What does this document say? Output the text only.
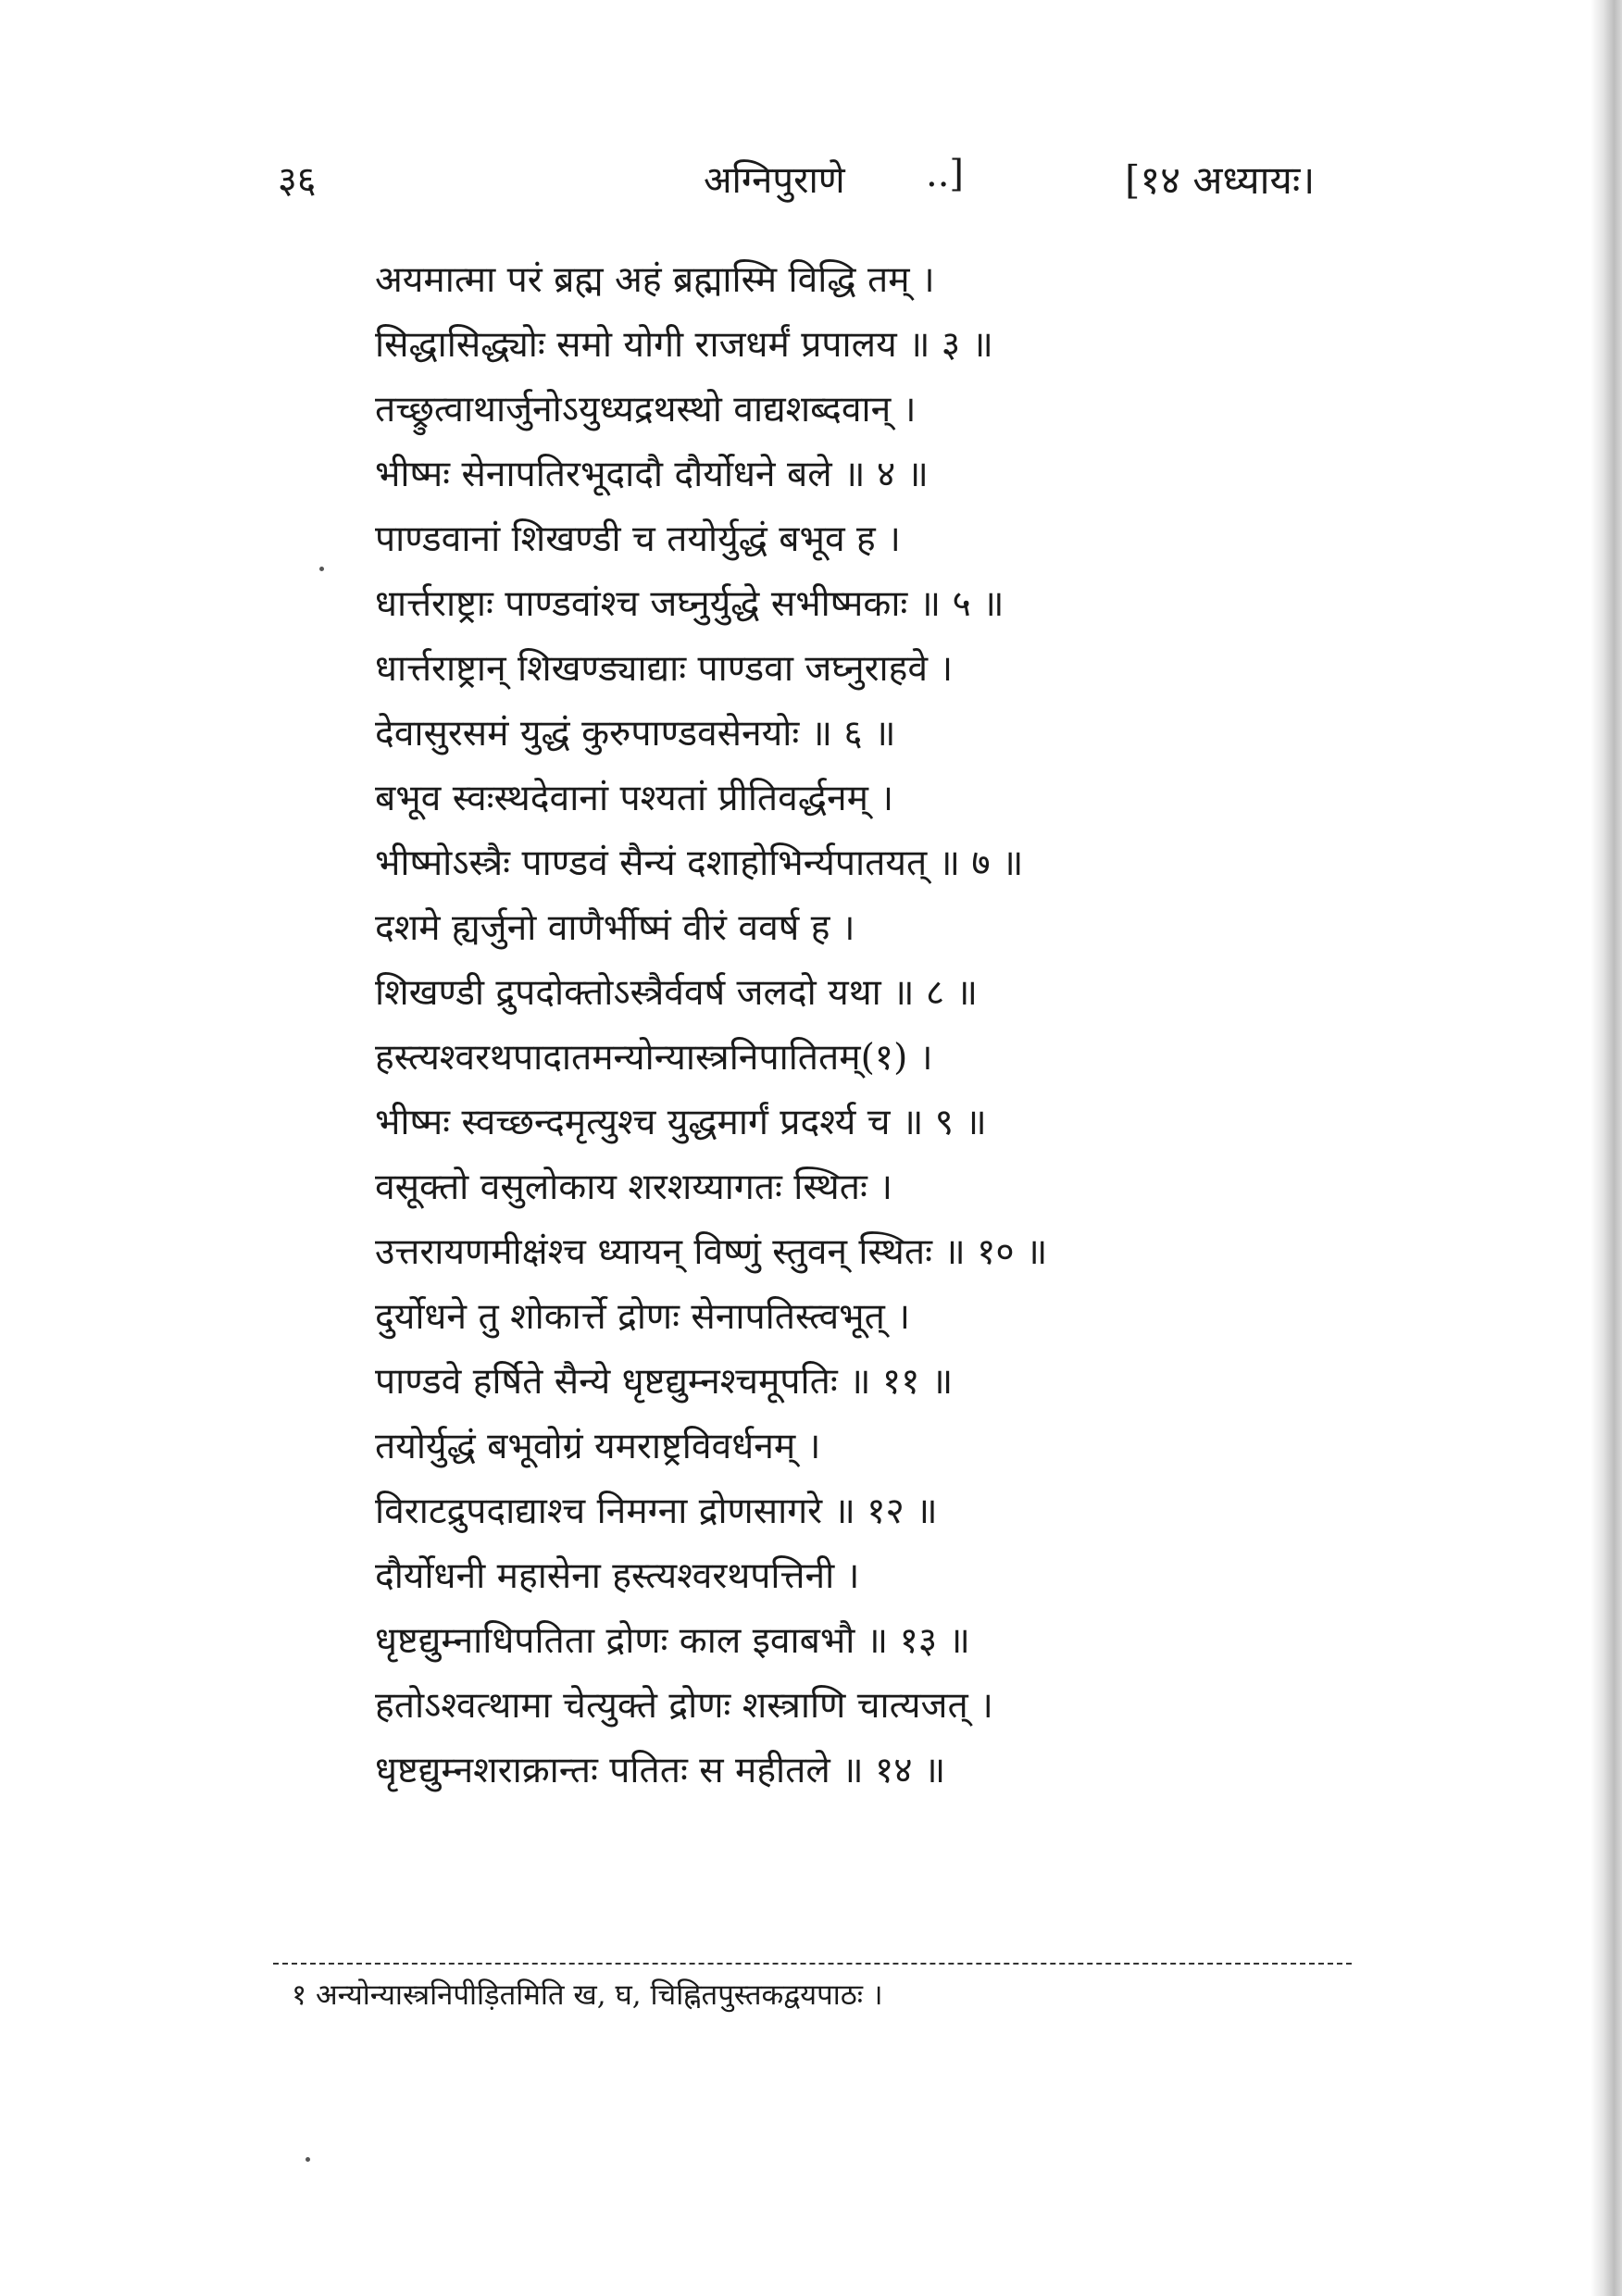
३६	अग्निपुराणे ..]	[१४ अध्यायः।
अयमात्मा परं ब्रह्म अहं ब्रह्मास्मि विद्धि तम् ।
सिद्धासिद्ध्योः समो योगी राजधर्मं प्रपालय ॥ ३ ॥
तच्छ्रुत्वाथार्जुनोऽयुध्यद्रथस्थो वाद्यशब्दवान् ।
भीष्मः सेनापतिरभूदादौ दौर्योधने बले ॥ ४ ॥
पाण्डवानां शिखण्डी च तयोर्युद्धं बभूव ह ।
धार्त्तराष्ट्राः पाण्डवांश्च जघ्नुर्युद्धे सभीष्मकाः ॥ ५ ॥
धार्त्तराष्ट्रान् शिखण्ड्याद्याः पाण्डवा जघ्नुराहवे ।
देवासुरसमं युद्धं कुरुपाण्डवसेनयोः ॥ ६ ॥
बभूव स्वःस्थदेवानां पश्यतां प्रीतिवर्द्धनम् ।
भीष्मोऽस्त्रैः पाण्डवं सैन्यं दशाहोभिर्न्यपातयत् ॥ ७ ॥
दशमे ह्यर्जुनो वाणैर्भीष्मं वीरं ववर्ष ह ।
शिखण्डी द्रुपदोक्तोऽस्त्रैर्ववर्ष जलदो यथा ॥ ८ ॥
हस्त्यश्वरथपादातमन्योन्यास्त्रनिपातितम्(१) ।
भीष्मः स्वच्छन्दमृत्युश्च युद्धमार्गं प्रदर्श्य च ॥ ९ ॥
वसूक्तो वसुलोकाय शरशय्यागतः स्थितः ।
उत्तरायणमीक्षंश्च ध्यायन् विष्णुं स्तुवन् स्थितः ॥ १० ॥
दुर्योधने तु शोकार्त्ते द्रोणः सेनापतिस्त्वभूत् ।
पाण्डवे हर्षिते सैन्ये धृष्टद्युम्नश्चमूपतिः ॥ ११ ॥
तयोर्युद्धं बभूवोग्रं यमराष्ट्रविवर्धनम् ।
विराटद्रुपदाद्याश्च निमग्ना द्रोणसागरे ॥ १२ ॥
दौर्योधनी महासेना हस्त्यश्वरथपत्तिनी ।
धृष्टद्युम्नाधिपतिता द्रोणः काल इवाबभौ ॥ १३ ॥
हतोऽश्वत्थामा चेत्युक्ते द्रोणः शस्त्राणि चात्यजत् ।
धृष्टद्युम्नशराक्रान्तः पतितः स महीतले ॥ १४ ॥
१ अन्योन्यास्त्रनिपीड़ितमिति ख, घ, चिह्नितपुस्तकद्वयपाठः ।
